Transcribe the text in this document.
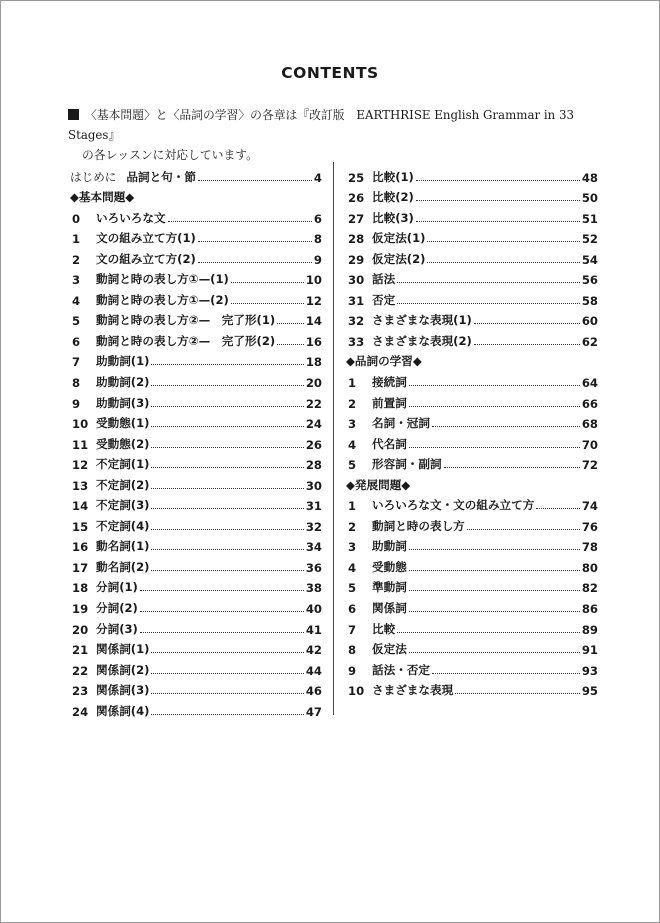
CONTENTS
〈基本問題〉と〈品詞の学習〉の各章は『改訂版　EARTHRISE English Grammar in 33 Stages』
の各レッスンに対応しています。
はじめに 品詞と句・節	4
◆基本問題◆
0	いろいろな文	6
1	文の組み立て方(1)	8
2	文の組み立て方(2)	9
3	動詞と時の表し方①—(1)	10
4	動詞と時の表し方①—(2)	12
5	動詞と時の表し方②—　完了形(1)	14
6	動詞と時の表し方②—　完了形(2)	16
7	助動詞(1)	18
8	助動詞(2)	20
9	助動詞(3)	22
10 受動態(1)	24
11 受動態(2)	26
12 不定詞(1)	28
13 不定詞(2)	30
14 不定詞(3)	31
15 不定詞(4)	32
16 動名詞(1)	34
17 動名詞(2)	36
18 分詞(1)	38
19 分詞(2)	40
20 分詞(3)	41
21 関係詞(1)	42
22 関係詞(2)	44
23 関係詞(3)	46
24 関係詞(4)	47
25 比較(1)	48
26 比較(2)	50
27 比較(3)	51
28 仮定法(1)	52
29 仮定法(2)	54
30 話法	56
31 否定	58
32 さまざまな表現(1)	60
33 さまざまな表現(2)	62
◆品詞の学習◆
1	接続詞	64
2	前置詞	66
3	名詞・冠詞	68
4	代名詞	70
5	形容詞・副詞	72
◆発展問題◆
1	いろいろな文・文の組み立て方	74
2	動詞と時の表し方	76
3	助動詞	78
4	受動態	80
5	準動詞	82
6	関係詞	86
7	比較	89
8	仮定法	91
9	話法・否定	93
10 さまざまな表現	95
